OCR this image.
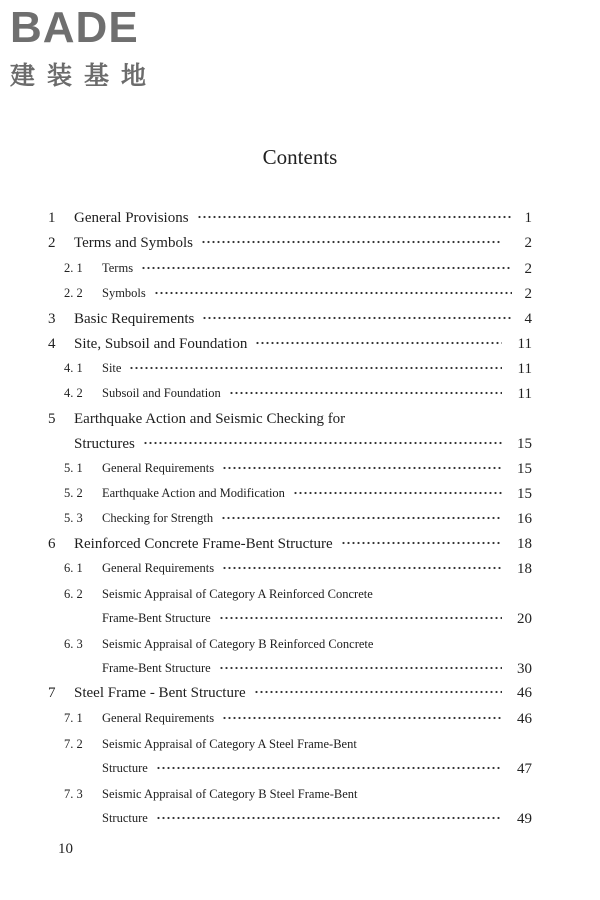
BADE
建装基地
Contents
1 General Provisions	1
2 Terms and Symbols	2
2. 1 Terms	2
2. 2 Symbols	2
3 Basic Requirements	4
4 Site, Subsoil and Foundation	11
4. 1 Site	11
4. 2 Subsoil and Foundation	11
5 Earthquake Action and Seismic Checking for
Structures	15
5. 1 General Requirements	15
5. 2 Earthquake Action and Modification	15
5. 3 Checking for Strength	16
6 Reinforced Concrete Frame-Bent Structure	18
6. 1 General Requirements	18
6. 2 Seismic Appraisal of Category A Reinforced Concrete
Frame-Bent Structure	20
6. 3 Seismic Appraisal of Category B Reinforced Concrete
Frame-Bent Structure	30
7 Steel Frame - Bent Structure	46
7. 1 General Requirements	46
7. 2 Seismic Appraisal of Category A Steel Frame-Bent
Structure	47
7. 3 Seismic Appraisal of Category B Steel Frame-Bent
Structure	49
10
